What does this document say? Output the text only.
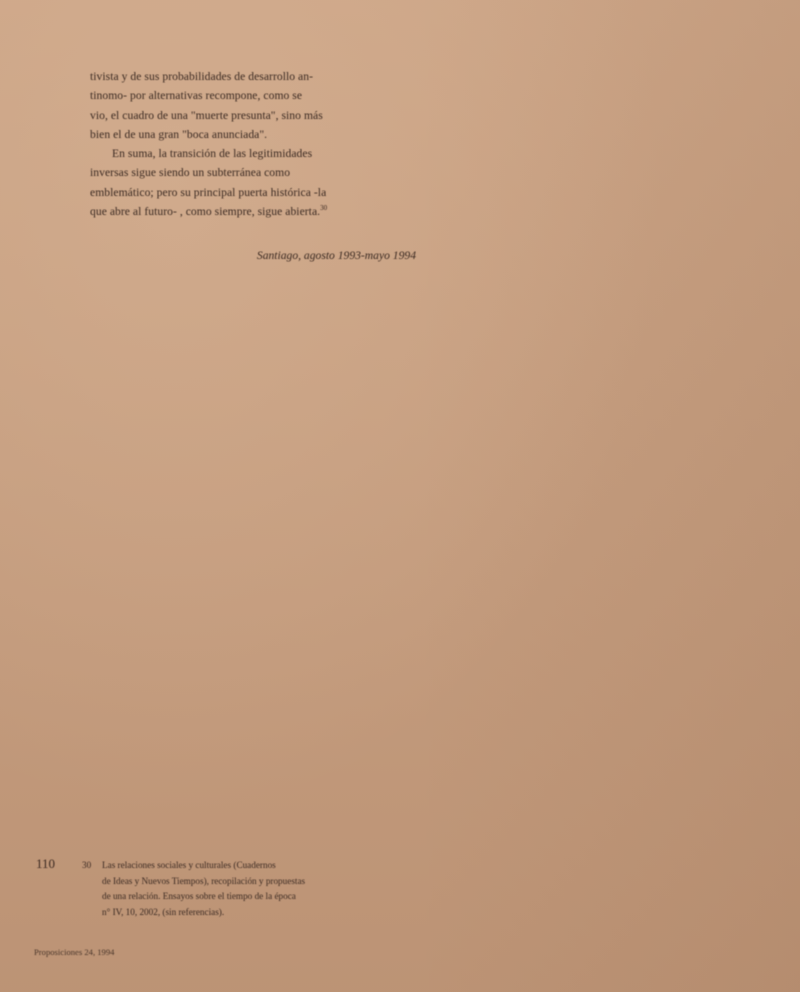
tivista y de sus probabilidades de desarrollo an-
tinomo- por alternativas recompone, como se
vio, el cuadro de una "muerte presunta", sino más
bien el de una gran "boca anunciada".

En suma, la transición de las legitimidades
inversas sigue siendo un subterránea como
emblemático; pero su principal puerta histórica -la
que abre al futuro- , como siempre, sigue abierta.$^{30}$

Santiago, agosto 1993-mayo 1994
110	30	Las relaciones sociales y culturales (Cuadernos
de Ideas y Nuevos Tiempos), recopilación y propuestas
de una relación. Ensayos sobre el tiempo de la época
n° IV, 10, 2002, (sin referencias).
Proposiciones 24, 1994
